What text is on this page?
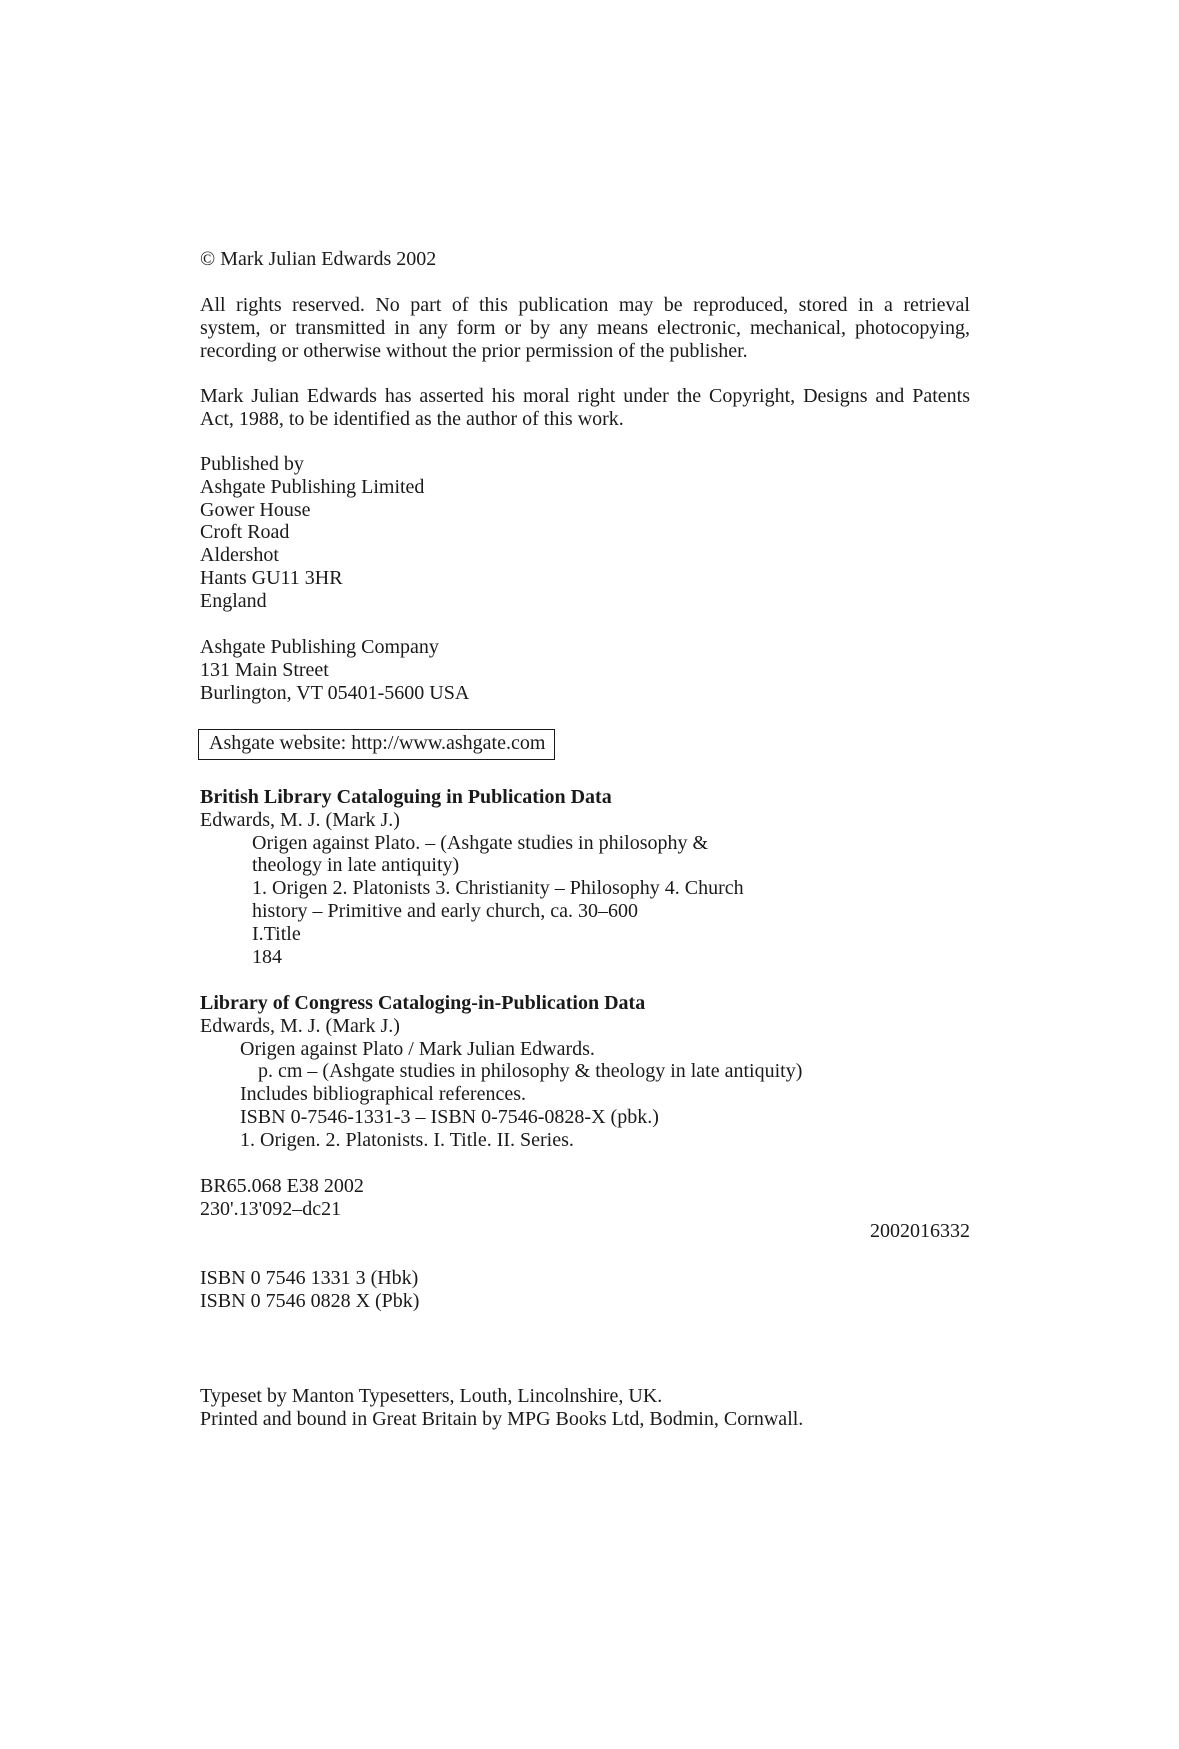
© Mark Julian Edwards 2002
All rights reserved. No part of this publication may be reproduced, stored in a retrieval
system, or transmitted in any form or by any means electronic, mechanical, photocopying,
recording or otherwise without the prior permission of the publisher.
Mark Julian Edwards has asserted his moral right under the Copyright, Designs and Patents
Act, 1988, to be identified as the author of this work.
Published by
Ashgate Publishing Limited
Gower House
Croft Road
Aldershot
Hants GU11 3HR
England
Ashgate Publishing Company
131 Main Street
Burlington, VT 05401-5600 USA
Ashgate website: http://www.ashgate.com
British Library Cataloguing in Publication Data
Edwards, M. J. (Mark J.)
Origen against Plato. – (Ashgate studies in philosophy &
theology in late antiquity)
1. Origen 2. Platonists 3. Christianity – Philosophy 4. Church
history – Primitive and early church, ca. 30–600
I.Title
184
Library of Congress Cataloging-in-Publication Data
Edwards, M. J. (Mark J.)
Origen against Plato / Mark Julian Edwards.
p. cm – (Ashgate studies in philosophy & theology in late antiquity)
Includes bibliographical references.
ISBN 0-7546-1331-3 – ISBN 0-7546-0828-X (pbk.)
1. Origen. 2. Platonists. I. Title. II. Series.
BR65.068 E38 2002
230'.13'092–dc21
2002016332
ISBN 0 7546 1331 3 (Hbk)
ISBN 0 7546 0828 X (Pbk)
Typeset by Manton Typesetters, Louth, Lincolnshire, UK.
Printed and bound in Great Britain by MPG Books Ltd, Bodmin, Cornwall.
